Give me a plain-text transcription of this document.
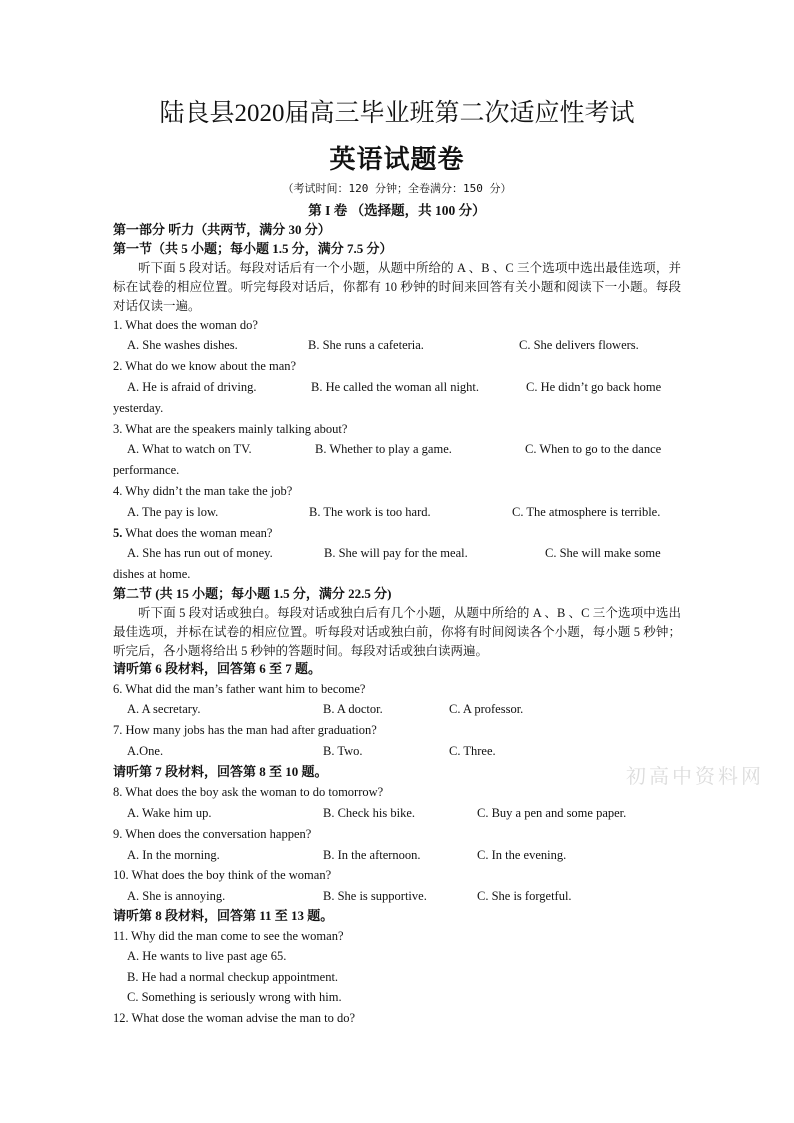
陆良县2020届高三毕业班第二次适应性考试
英语试题卷
（考试时间：120 分钟；全卷满分：150 分）
第 I 卷 （选择题，共 100 分）
第一部分 听力（共两节，满分 30 分）
第一节（共 5 小题；每小题 1.5 分，满分 7.5 分）
听下面 5 段对话。每段对话后有一个小题，从题中所给的 A 、B 、C 三个选项中选出最佳选项，并标在试卷的相应位置。听完每段对话后，你都有 10 秒钟的时间来回答有关小题和阅读下一小题。每段对话仅读一遍。
1. What does the woman do?
A. She washes dishes.	B. She runs a cafeteria.	C. She delivers flowers.
2. What do we know about the man?
A. He is afraid of driving.	B. He called the woman all night.	C. He didn’t go back home
yesterday.
3. What are the speakers mainly talking about?
A. What to watch on TV.	B. Whether to play a game.	C. When to go to the dance
performance.
4. Why didn’t the man take the job?
A. The pay is low.	B. The work is too hard.	C. The atmosphere is terrible.
5. What does the woman mean?
A. She has run out of money.	B. She will pay for the meal.	C. She will make some
dishes at home.
第二节 (共 15 小题；每小题 1.5 分，满分 22.5 分)
听下面 5 段对话或独白。每段对话或独白后有几个小题，从题中所给的 A 、B 、C 三个选项中选出最佳选项，并标在试卷的相应位置。听每段对话或独白前，你将有时间阅读各个小题，每小题 5 秒钟；听完后，各小题将给出 5 秒钟的答题时间。每段对话或独白读两遍。
请听第 6 段材料，回答第 6 至 7 题。
6. What did the man’s father want him to become?
A. A secretary.	B. A doctor.	C. A professor.
7. How many jobs has the man had after graduation?
A.One.	B. Two.	C. Three.
请听第 7 段材料，回答第 8 至 10 题。
8. What does the boy ask the woman to do tomorrow?
A. Wake him up.	B. Check his bike.	C. Buy a pen and some paper.
9. When does the conversation happen?
A. In the morning.	B. In the afternoon.	C. In the evening.
10. What does the boy think of the woman?
A. She is annoying.	B. She is supportive.	C. She is forgetful.
请听第 8 段材料，回答第 11 至 13 题。
11. Why did the man come to see the woman?
A. He wants to live past age 65.
B. He had a normal checkup appointment.
C. Something is seriously wrong with him.
12. What dose the woman advise the man to do?
初高中资料网
